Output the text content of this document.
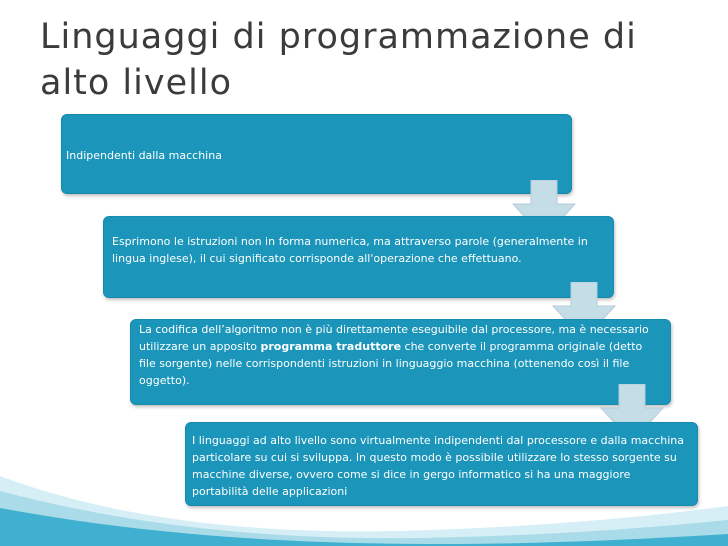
Linguaggi di programmazione di alto livello
Indipendenti dalla macchina
Esprimono le istruzioni non in forma numerica, ma attraverso parole (generalmente in lingua inglese), il cui significato corrisponde all'operazione che effettuano.
La codifica dell’algoritmo non è più direttamente eseguibile dal processore, ma è necessario utilizzare un apposito programma traduttore che converte il programma originale (detto file sorgente) nelle corrispondenti istruzioni in linguaggio macchina (ottenendo così il file oggetto).
I linguaggi ad alto livello sono virtualmente indipendenti dal processore e dalla macchina particolare su cui si sviluppa. In questo modo è possibile utilizzare lo stesso sorgente su macchine diverse, ovvero come si dice in gergo informatico si ha una maggiore portabilità delle applicazioni
